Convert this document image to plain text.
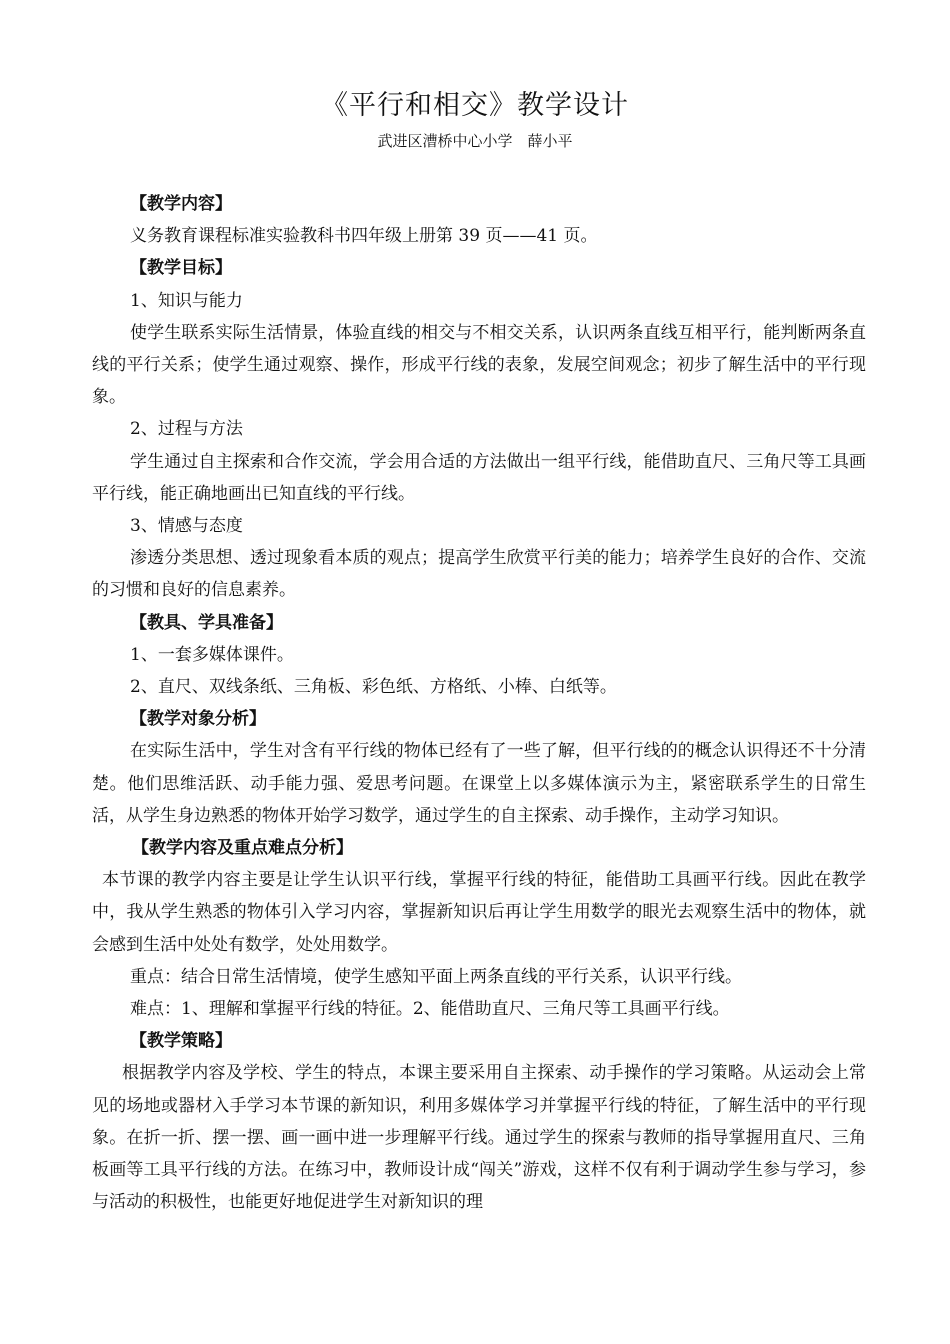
《平行和相交》教学设计
武进区漕桥中心小学　薛小平

【教学内容】

义务教育课程标准实验教科书四年级上册第 39 页——41 页。

【教学目标】

1、知识与能力

使学生联系实际生活情景，体验直线的相交与不相交关系，认识两条直线互相平行，能判断两条直线的平行关系；使学生通过观察、操作，形成平行线的表象，发展空间观念；初步了解生活中的平行现象。

2、过程与方法

学生通过自主探索和合作交流，学会用合适的方法做出一组平行线，能借助直尺、三角尺等工具画平行线，能正确地画出已知直线的平行线。

3、情感与态度

渗透分类思想、透过现象看本质的观点；提高学生欣赏平行美的能力；培养学生良好的合作、交流的习惯和良好的信息素养。

【教具、学具准备】

1、一套多媒体课件。

2、直尺、双线条纸、三角板、彩色纸、方格纸、小棒、白纸等。

【教学对象分析】

在实际生活中，学生对含有平行线的物体已经有了一些了解，但平行线的的概念认识得还不十分清楚。他们思维活跃、动手能力强、爱思考问题。在课堂上以多媒体演示为主，紧密联系学生的日常生活，从学生身边熟悉的物体开始学习数学，通过学生的自主探索、动手操作，主动学习知识。

【教学内容及重点难点分析】

本节课的教学内容主要是让学生认识平行线，掌握平行线的特征，能借助工具画平行线。因此在教学中，我从学生熟悉的物体引入学习内容，掌握新知识后再让学生用数学的眼光去观察生活中的物体，就会感到生活中处处有数学，处处用数学。

重点：结合日常生活情境，使学生感知平面上两条直线的平行关系，认识平行线。

难点：1、理解和掌握平行线的特征。2、能借助直尺、三角尺等工具画平行线。

【教学策略】

根据教学内容及学校、学生的特点，本课主要采用自主探索、动手操作的学习策略。从运动会上常见的场地或器材入手学习本节课的新知识，利用多媒体学习并掌握平行线的特征，了解生活中的平行现象。在折一折、摆一摆、画一画中进一步理解平行线。通过学生的探索与教师的指导掌握用直尺、三角板画等工具平行线的方法。在练习中，教师设计成“闯关”游戏，这样不仅有利于调动学生参与学习，参与活动的积极性，也能更好地促进学生对新知识的理
